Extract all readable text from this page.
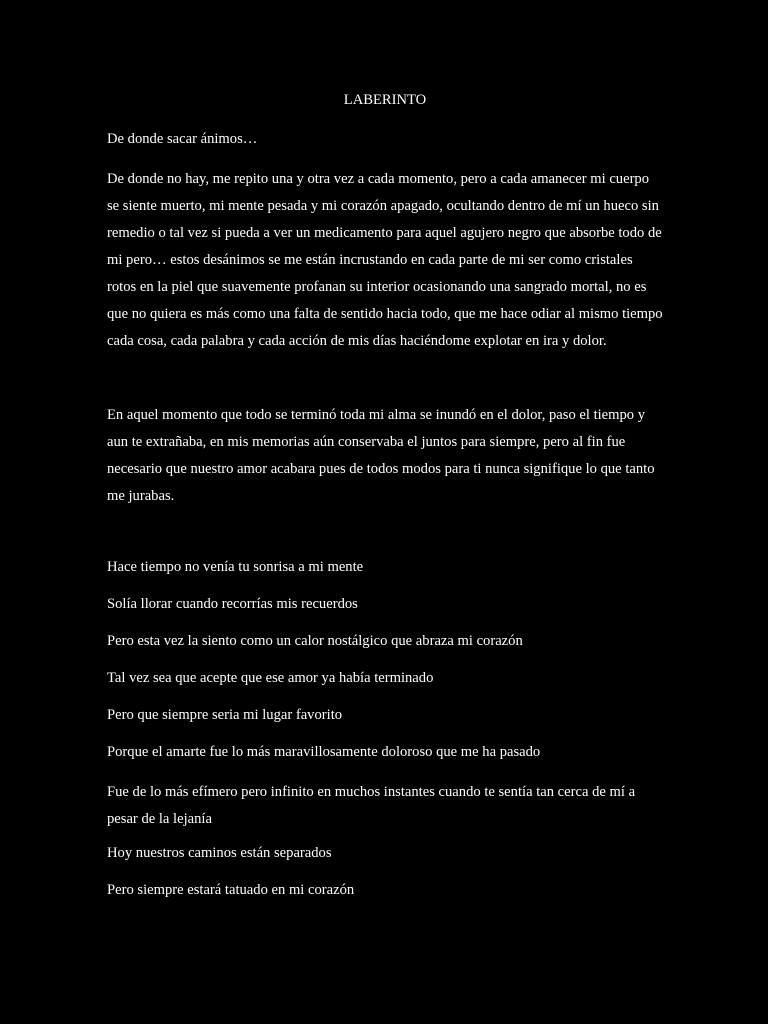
LABERINTO
De donde sacar ánimos…
De donde no hay, me repito una y otra vez a cada momento, pero a cada amanecer mi cuerpo se siente muerto, mi mente pesada y mi corazón apagado, ocultando dentro de mí un hueco sin remedio o tal vez si pueda a ver un medicamento para aquel agujero negro que absorbe todo de mi pero… estos desánimos se me están incrustando en cada parte de mi ser como cristales rotos en la piel que suavemente profanan su interior ocasionando una sangrado mortal, no es que no quiera es más como una falta de sentido hacia todo, que me hace odiar al mismo tiempo cada cosa, cada palabra y cada acción de mis días haciéndome explotar en ira y dolor.
En aquel momento que todo se terminó toda mi alma se inundó en el dolor, paso el tiempo y aun te extrañaba, en mis memorias aún conservaba el juntos para siempre, pero al fin fue necesario que nuestro amor acabara pues de todos modos para ti nunca signifique lo que tanto me jurabas.
Hace tiempo no venía tu sonrisa a mi mente
Solía llorar cuando recorrías mis recuerdos
Pero esta vez la siento como un calor nostálgico que abraza mi corazón
Tal vez sea que acepte que ese amor ya había terminado
Pero que siempre seria mi lugar favorito
Porque el amarte fue lo más maravillosamente doloroso que me ha pasado
Fue de lo más efímero pero infinito en muchos instantes cuando te sentía tan cerca de mí a pesar de la lejanía
Hoy nuestros caminos están separados
Pero siempre estará tatuado en mi corazón
